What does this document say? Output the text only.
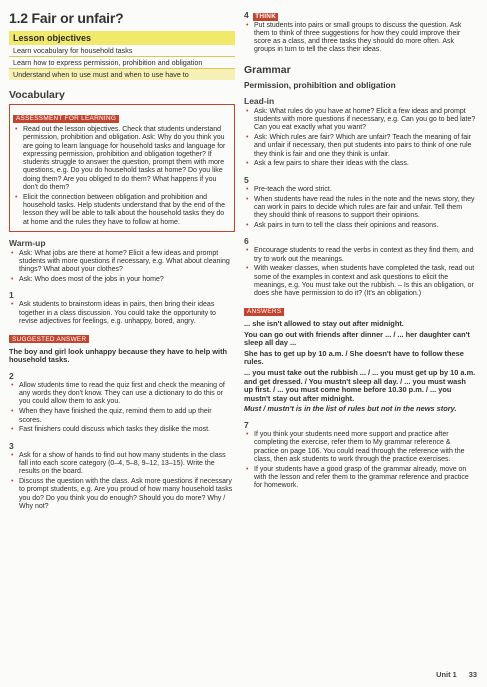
1.2 Fair or unfair?
Lesson objectives
Learn vocabulary for household tasks
Learn how to express permission, prohibition and obligation
Understand when to use must and when to use have to
Vocabulary
ASSESSMENT FOR LEARNING
• Read out the lesson objectives. Check that students understand permission, prohibition and obligation. Ask: Why do you think you are going to learn language for household tasks and language for expressing permission, prohibition and obligation together? If students struggle to answer the question, prompt them with more questions, e.g. Do you do household tasks at home? Do you like doing them? Are you obliged to do them? What happens if you don't do them?
• Elicit the connection between obligation and prohibition and household tasks. Help students understand that by the end of the lesson they will be able to talk about the household tasks they do at home and the rules they have to follow at home.
Warm-up
• Ask: What jobs are there at home? Elicit a few ideas and prompt students with more questions if necessary, e.g. What about cleaning things? What about your clothes?
• Ask: Who does most of the jobs in your home?
1
• Ask students to brainstorm ideas in pairs, then bring their ideas together in a class discussion. You could take the opportunity to revise adjectives for feelings, e.g. unhappy, bored, angry.
SUGGESTED ANSWER
The boy and girl look unhappy because they have to help with household tasks.
2
• Allow students time to read the quiz first and check the meaning of any words they don't know. They can use a dictionary to do this or you could allow them to ask you.
• When they have finished the quiz, remind them to add up their scores.
• Fast finishers could discuss which tasks they dislike the most.
3
• Ask for a show of hands to find out how many students in the class fall into each score category (0–4, 5–8, 9–12, 13–15). Write the results on the board.
• Discuss the question with the class. Ask more questions if necessary to prompt students, e.g. Are you proud of how many household tasks you do? Do you think you do enough? Should you do more? Why / Why not?
4 THINK
• Put students into pairs or small groups to discuss the question. Ask them to think of three suggestions for how they could improve their score as a class, and three tasks they should do more often. Ask groups in turn to tell the class their ideas.
Grammar
Permission, prohibition and obligation
Lead-in
• Ask: What rules do you have at home? Elicit a few ideas and prompt students with more questions if necessary, e.g. Can you go to bed late? Can you eat exactly what you want?
• Ask: Which rules are fair? Which are unfair? Teach the meaning of fair and unfair if necessary, then put students into pairs to think of one rule they think is fair and one they think is unfair.
• Ask a few pairs to share their ideas with the class.
5
• Pre-teach the word strict.
• When students have read the rules in the note and the news story, they can work in pairs to decide which rules are fair and unfair. Tell them they should think of reasons to support their opinions.
• Ask pairs in turn to tell the class their opinions and reasons.
6
• Encourage students to read the verbs in context as they find them, and try to work out the meanings.
• With weaker classes, when students have completed the task, read out some of the examples in context and ask questions to elicit the meanings, e.g. You must take out the rubbish. – Is this an obligation, or does she have permission to do it? (It's an obligation.)
ANSWERS
... she isn't allowed to stay out after midnight.
You can go out with friends after dinner ... / ... her daughter can't sleep all day ...
She has to get up by 10 a.m. / She doesn't have to follow these rules.
... you must take out the rubbish ... / ... you must get up by 10 a.m. and get dressed. / You mustn't sleep all day. / ... you must wash up first. / ... you must come home before 10.30 p.m. / ... you mustn't stay out after midnight.
Must / mustn't is in the list of rules but not in the news story.
7
• If you think your students need more support and practice after completing the exercise, refer them to My grammar reference & practice on page 106. You could read through the reference with the class, then ask students to work through the practice exercises.
• If your students have a good grasp of the grammar already, move on with the lesson and refer them to the grammar reference and practice for homework.
Unit 1 33
